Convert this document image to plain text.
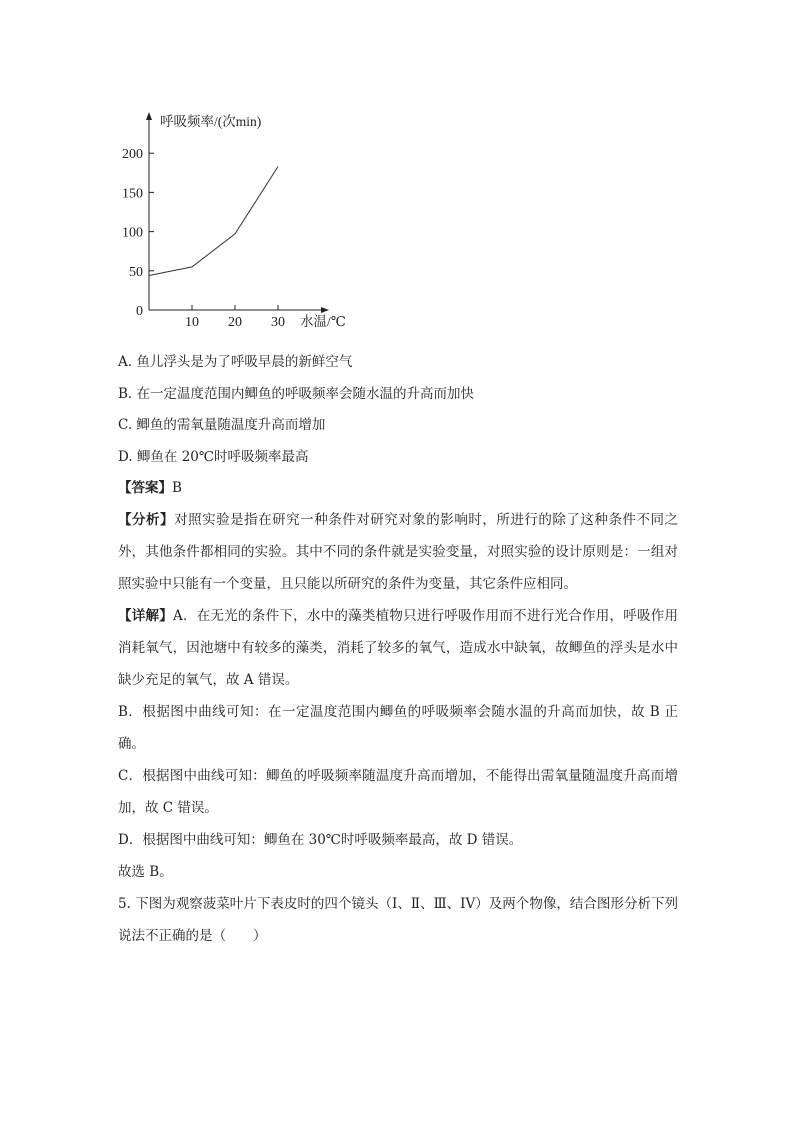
0
50
100
150
200
10 20 30
呼吸频率/(次min)
水温/℃
A. 鱼儿浮头是为了呼吸早晨的新鲜空气
B. 在一定温度范围内鲫鱼的呼吸频率会随水温的升高而加快
C. 鲫鱼的需氧量随温度升高而增加
D. 鲫鱼在 20℃时呼吸频率最高
【答案】B

【分析】对照实验是指在研究一种条件对研究对象的影响时，所进行的除了这种条件不同之外，其他条件都相同的实验。其中不同的条件就是实验变量，对照实验的设计原则是：一组对照实验中只能有一个变量，且只能以所研究的条件为变量，其它条件应相同。

【详解】A．在无光的条件下，水中的藻类植物只进行呼吸作用而不进行光合作用，呼吸作用消耗氧气，因池塘中有较多的藻类，消耗了较多的氧气，造成水中缺氧，故鲫鱼的浮头是水中缺少充足的氧气，故 A 错误。

B．根据图中曲线可知：在一定温度范围内鲫鱼的呼吸频率会随水温的升高而加快，故 B 正确。

C．根据图中曲线可知：鲫鱼的呼吸频率随温度升高而增加，不能得出需氧量随温度升高而增加，故 C 错误。

D．根据图中曲线可知：鲫鱼在 30℃时呼吸频率最高，故 D 错误。

故选 B。

5. 下图为观察菠菜叶片下表皮时的四个镜头（I、Ⅱ、Ⅲ、IV）及两个物像，结合图形分析下列说法不正确的是（　　）
